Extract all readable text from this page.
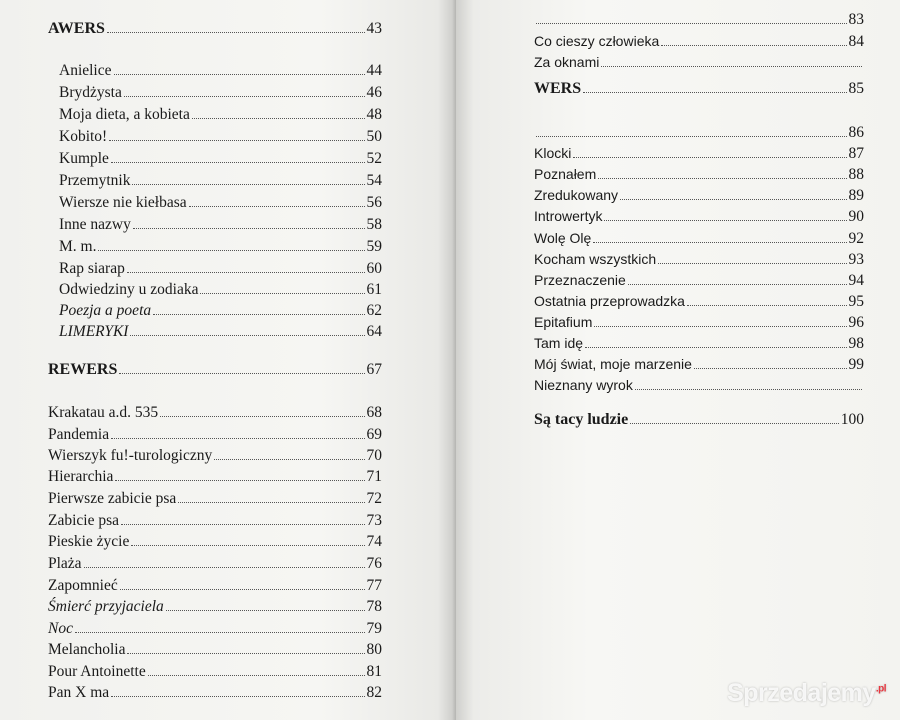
AWERS	43
Anielice	44
Brydżysta	46
Moja dieta, a kobieta	48
Kobito!	50
Kumple	52
Przemytnik	54
Wiersze nie kiełbasa	56
Inne nazwy	58
M. m.	59
Rap siarap	60
Odwiedziny u zodiaka	61
Poezja a poeta	62
LIMERYKI	64
REWERS	67
Krakatau a.d. 535	68
Pandemia	69
Wierszyk fu!-turologiczny	70
Hierarchia	71
Pierwsze zabicie psa	72
Zabicie psa	73
Pieskie życie	74
Plaża	76
Zapomnieć	77
Śmierć przyjaciela	78
Noc	79
Melancholia	80
Pour Antoinette	81
Pan X ma	82
83
Co cieszy człowieka	84
Za oknami
WERS	85
86
Klocki	87
Poznałem	88
Zredukowany	89
Introwertyk	90
Wolę Olę	92
Kocham wszystkich	93
Przeznaczenie	94
Ostatnia przeprowadzka	95
Epitafium	96
Tam idę	98
Mój świat, moje marzenie	99
Nieznany wyrok
Są tacy ludzie	100
Sprzedajemy$^{.pl}$
